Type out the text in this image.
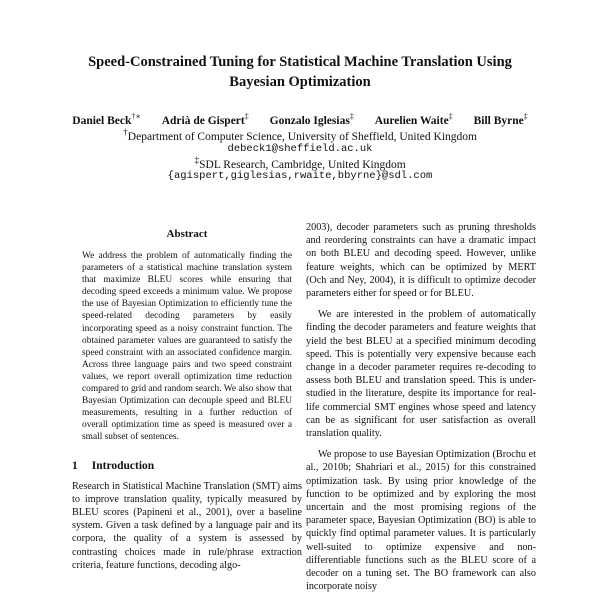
Speed-Constrained Tuning for Statistical Machine Translation Using
Bayesian Optimization
Daniel Beck†∗ Adrià de Gispert‡ Gonzalo Iglesias‡ Aurelien Waite‡ Bill Byrne‡
†Department of Computer Science, University of Sheffield, United Kingdom
debeck1@sheffield.ac.uk
‡SDL Research, Cambridge, United Kingdom
{agispert,giglesias,rwaite,bbyrne}@sdl.com
Abstract
We address the problem of automatically finding the parameters of a statistical machine translation system that maximize BLEU scores while ensuring that decoding speed exceeds a minimum value. We propose the use of Bayesian Optimization to efficiently tune the speed-related decoding parameters by easily incorporating speed as a noisy constraint function. The obtained parameter values are guaranteed to satisfy the speed constraint with an associated confidence margin. Across three language pairs and two speed constraint values, we report overall optimization time reduction compared to grid and random search. We also show that Bayesian Optimization can decouple speed and BLEU measurements, resulting in a further reduction of overall optimization time as speed is measured over a small subset of sentences.
1 Introduction

Research in Statistical Machine Translation (SMT) aims to improve translation quality, typically measured by BLEU scores (Papineni et al., 2001), over a baseline system. Given a task defined by a language pair and its corpora, the quality of a system is assessed by contrasting choices made in rule/phrase extraction criteria, feature functions, decoding algo-

2003), decoder parameters such as pruning thresholds and reordering constraints can have a dramatic impact on both BLEU and decoding speed. However, unlike feature weights, which can be optimized by MERT (Och and Ney, 2004), it is difficult to optimize decoder parameters either for speed or for BLEU.

We are interested in the problem of automatically finding the decoder parameters and feature weights that yield the best BLEU at a specified minimum decoding speed. This is potentially very expensive because each change in a decoder parameter requires re-decoding to assess both BLEU and translation speed. This is under-studied in the literature, despite its importance for real-life commercial SMT engines whose speed and latency can be as significant for user satisfaction as overall translation quality.

We propose to use Bayesian Optimization (Brochu et al., 2010b; Shahriari et al., 2015) for this constrained optimization task. By using prior knowledge of the function to be optimized and by exploring the most uncertain and the most promising regions of the parameter space, Bayesian Optimization (BO) is able to quickly find optimal parameter values. It is particularly well-suited to optimize expensive and non-differentiable functions such as the BLEU score of a decoder on a tuning set. The BO framework can also incorporate noisy
